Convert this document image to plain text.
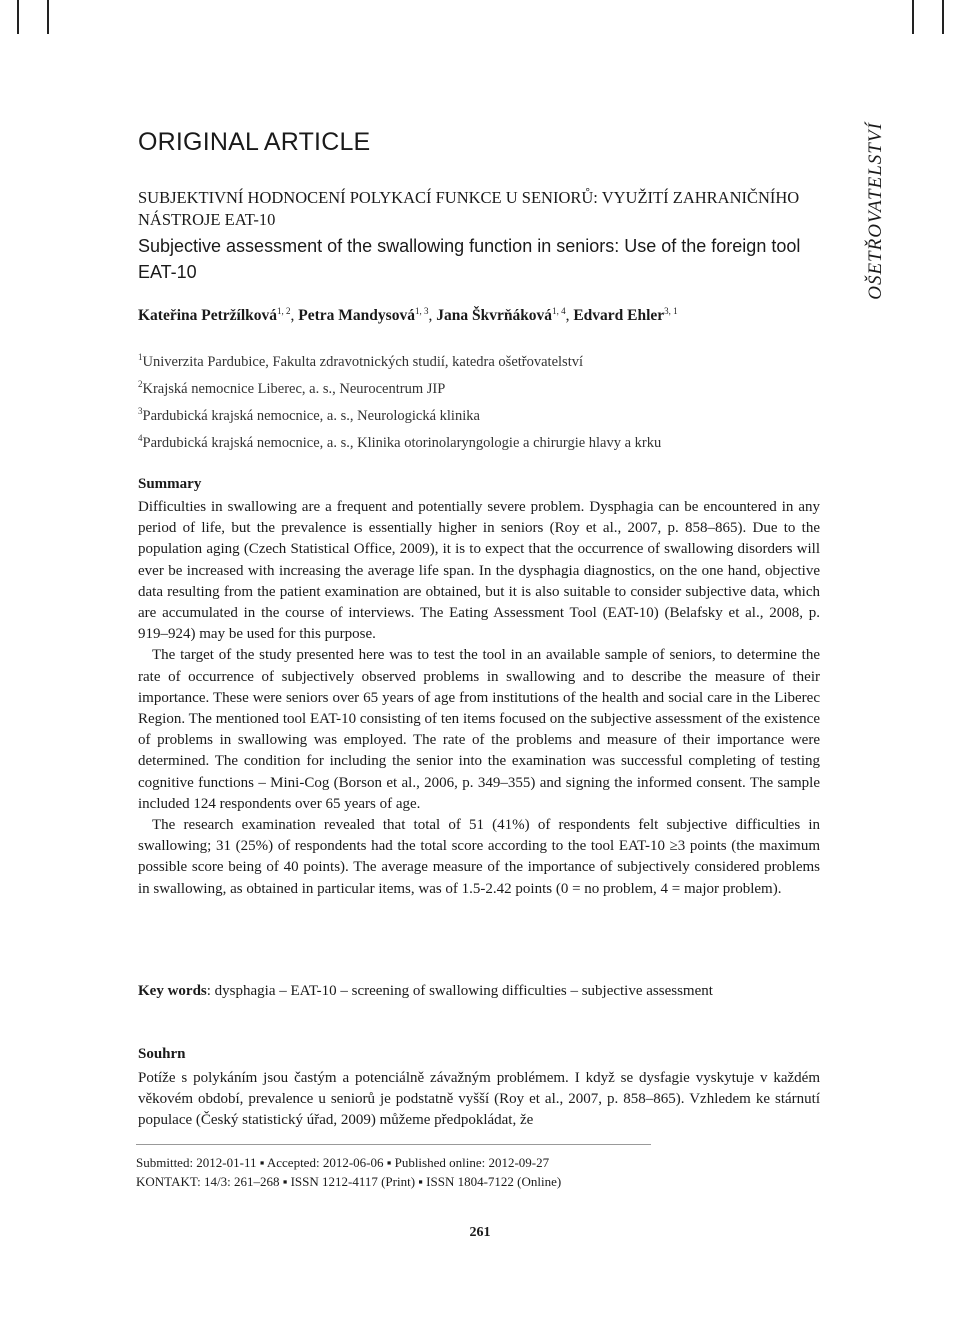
OŠETŘOVATELSTVÍ
ORIGINAL ARTICLE
SUBJEKTIVNÍ HODNOCENÍ POLYKACÍ FUNKCE U SENIORŮ: VYUŽITÍ ZAHRANIČNÍHO NÁSTROJE EAT-10
Subjective assessment of the swallowing function in seniors: Use of the foreign tool EAT-10
Kateřina Petržílková$^{1, 2}$, Petra Mandysová$^{1, 3}$, Jana Škvrňáková$^{1, 4}$, Edvard Ehler$^{3, 1}$
$^1$Univerzita Pardubice, Fakulta zdravotnických studií, katedra ošetřovatelství
$^2$Krajská nemocnice Liberec, a. s., Neurocentrum JIP
$^3$Pardubická krajská nemocnice, a. s., Neurologická klinika
$^4$Pardubická krajská nemocnice, a. s., Klinika otorinolaryngologie a chirurgie hlavy a krku
Summary

Difficulties in swallowing are a frequent and potentially severe problem. Dysphagia can be encountered in any period of life, but the prevalence is essentially higher in seniors (Roy et al., 2007, p. 858–865). Due to the population aging (Czech Statistical Office, 2009), it is to expect that the occurrence of swallowing disorders will ever be increased with increasing the average life span. In the dysphagia diagnostics, on the one hand, objective data resulting from the patient examination are obtained, but it is also suitable to consider subjective data, which are accumulated in the course of interviews. The Eating Assessment Tool (EAT-10) (Belafsky et al., 2008, p. 919–924) may be used for this purpose.

The target of the study presented here was to test the tool in an available sample of seniors, to determine the rate of occurrence of subjectively observed problems in swallowing and to describe the measure of their importance. These were seniors over 65 years of age from institutions of the health and social care in the Liberec Region. The mentioned tool EAT-10 consisting of ten items focused on the subjective assessment of the existence of problems in swallowing was employed. The rate of the problems and measure of their importance were determined. The condition for including the senior into the examination was successful completing of testing cognitive functions – Mini-Cog (Borson et al., 2006, p. 349–355) and signing the informed consent. The sample included 124 respondents over 65 years of age.

The research examination revealed that total of 51 (41%) of respondents felt subjective difficulties in swallowing; 31 (25%) of respondents had the total score according to the tool EAT-10 ≥3 points (the maximum possible score being of 40 points). The average measure of the importance of subjectively considered problems in swallowing, as obtained in particular items, was of 1.5-2.42 points (0 = no problem, 4 = major problem).

Key words: dysphagia – EAT-10 – screening of swallowing difficulties – subjective assessment
Souhrn

Potíže s polykáním jsou častým a potenciálně závažným problémem. I když se dysfagie vyskytuje v každém věkovém období, prevalence u seniorů je podstatně vyšší (Roy et al., 2007, p. 858–865). Vzhledem ke stárnutí populace (Český statistický úřad, 2009) můžeme předpokládat, že

Submitted: 2012-01-11 ▪ Accepted: 2012-06-06 ▪ Published online: 2012-09-27
KONTAKT: 14/3: 261–268 ▪ ISSN 1212-4117 (Print) ▪ ISSN 1804-7122 (Online)
261
